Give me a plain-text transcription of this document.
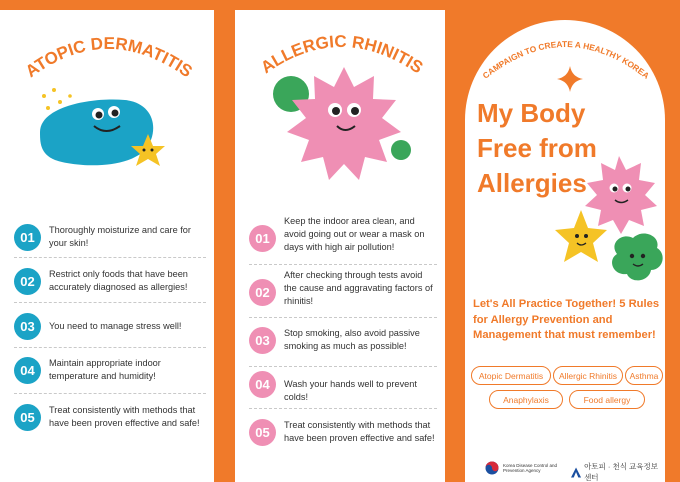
ATOPIC DERMATITIS
01	Thoroughly moisturize and care for your skin!
02	Restrict only foods that have been accurately diagnosed as allergies!
03	You need to manage stress well!
04	Maintain appropriate indoor temperature and humidity!
05	Treat consistently with methods that have been proven effective and safe!
ALLERGIC RHINITIS
01
Keep the indoor area clean, and avoid going out or wear a mask on days with high air pollution!
02
After checking through tests avoid the cause and aggravating factors of rhinitis!
03	Stop smoking, also avoid passive smoking as much as possible!
04	Wash your hands well to prevent colds!
05	Treat consistently with methods that have been proven effective and safe!
CAMPAIGN TO CREATE A HEALTHY KOREA
My Body
Free from
Allergies
Let's All Practice Together! 5 Rules for Allergy Prevention and Management that must remember!
Atopic Dermatitis	Allergic Rhinitis	Asthma
Anaphylaxis	Food allergy
Korea Disease Control and Prevention Agency	아토피 · 천식 교육정보센터
